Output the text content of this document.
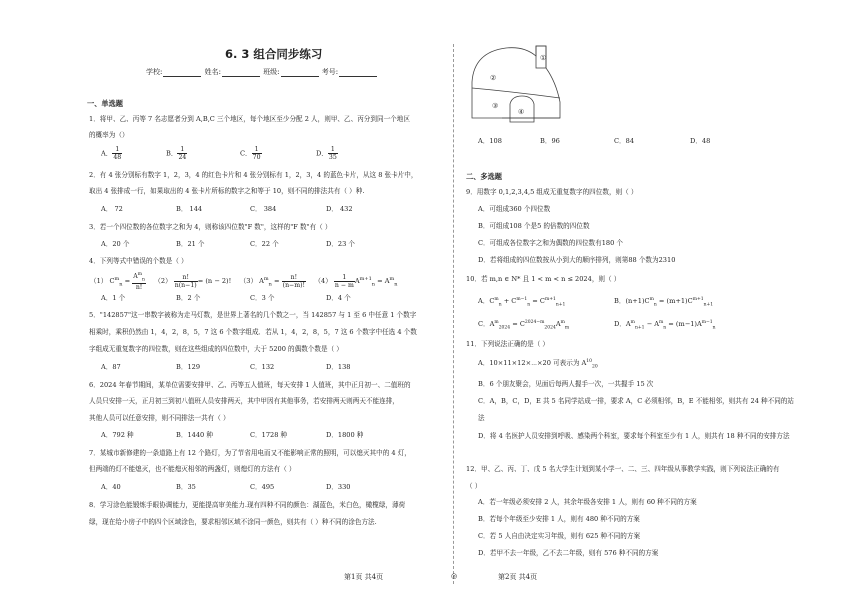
6. 3 组合同步练习
学校:	姓名:	班级:	考号:
一、单选题
1．将甲、乙、丙等 7 名志愿者分到 A,B,C 三个地区，每个地区至少分配 2 人，则甲、乙、丙分到同一个地区
的概率为（）
A． $\frac{1}{48}$	B． $\frac{1}{24}$	C． $\frac{1}{70}$	D． $\frac{1}{35}$
2．有 4 张分别标有数字 1，2，3，4 的红色卡片和 4 张分别标有 1，2，3，4 的蓝色卡片，从这 8 张卡片中，
取出 4 张排成一行，如果取出的 4 张卡片所标的数字之和等于 10，则不同的排法共有（ ）种.
A． 72	B． 144	C． 384	D． 432
3．若一个四位数的各位数字之和为 4，则称该四位数"F 数"，这样的"F 数"有（ ）
A．20 个	B．21 个	C．22 个	D．23 个
4．下列等式中错误的个数是（ ）
（1） $C^m_n = \frac{A^m_n}{n!} (2) \frac{n!}{n(n-1)} = (n - 2)$! （3） $A^m_n = \frac{n!}{(n-m)!} (4) \frac{1}{n - m} A^{m+1}_n = A^m_n$
A．1 个	B．2 个	C．3 个	D．4 个
5．"142857"这一串数字被称为走马灯数，是世界上著名的几个数之一，当 142857 与 1 至 6 中任意 1 个数字
相乘时，乘积仍然由 1，4，2，8，5，7 这 6 个数字组成．若从 1，4，2，8，5，7 这 6 个数字中任选 4 个数
字组成无重复数字的四位数，则在这些组成的四位数中，大于 5200 的偶数个数是（ ）
A．87	B．129	C．132	D．138
6．2024 年春节期间，某单位需要安排甲、乙、丙等五人值班，每天安排 1 人值班，其中正月初一、二值班的
人员只安排一天，正月初三到初八值班人员安排两天，其中甲因有其他事务，若安排两天则两天不能连排，
其他人员可以任意安排，则不同排法一共有（ ）
A．792 种	B．1440 种	C．1728 种	D．1800 种
7．某城市新修建的一条道路上有 12 个路灯，为了节省用电而又不能影响正常的照明，可以熄灭其中的 4 灯，
但两端的灯不能熄灭，也不能熄灭相邻的两盏灯，则熄灯的方法有（ ）
A．40	B．35	C．495	D．330
8．学习涂色能锻炼手眼协调能力，更能提高审美能力.现有四种不同的颜色：湖蓝色，米白色，橄榄绿，薄荷
绿，现在给小房子中的四个区域涂色，要求相邻区域不涂同一颜色，则共有（ ）种不同的涂色方法.
第1页 共4页	◎
①
②
③
④
A．108	B．96	C．84	D．48
二、多选题
9．用数字 0,1,2,3,4,5 组成无重复数字的四位数，则（ ）
A．可组成360 个四位数
B．可组成108 个是5 的倍数的四位数
C．可组成各位数字之和为偶数的四位数有180 个
D．若将组成的四位数按从小到大的顺序排列，则第88 个数为2310
10．若 m,n ∈ N* 且 1 < m < n ≤ 2024，则（ ）
A．$C^m_n + C^{m-1}_n = C^{m+1}_{n+1}$	B．$(n+1)C^m_n = (m+1)C^{m+1}_{n+1}$
C．$A^m_{2024} = C^{2024-m}_{2024}A^m_m$	D．$A^m_{n+1} - A^m_n = (m-1)A^{m-1}_n$
11．下列说法正确的是（ ）
A．10×11×12×⋯×20 可表示为 $A^{10}_{20}$
B．6 个朋友聚会，见面后每两人握手一次，一共握手 15 次
C．A，B，C，D，E 共 5 名同学站成一排，要求 A，C 必须相邻，B，E 不能相邻，则共有 24 种不同的站
法
D．将 4 名医护人员安排到呼吸、感染两个科室，要求每个科室至少有 1 人，则共有 18 种不同的安排方法
12．甲、乙、丙、丁、戊 5 名大学生计划到某小学一、二、三、四年级从事教学实践，则下列说法正确的有
（ ）
A．若一年级必须安排 2 人，其余年级各安排 1 人，则有 60 种不同的方案
B．若每个年级至少安排 1 人，则有 480 种不同的方案
C．若 5 人自由决定实习年级，则有 625 种不同的方案
D．若甲不去一年级，乙不去二年级，则有 576 种不同的方案
第2页 共4页
